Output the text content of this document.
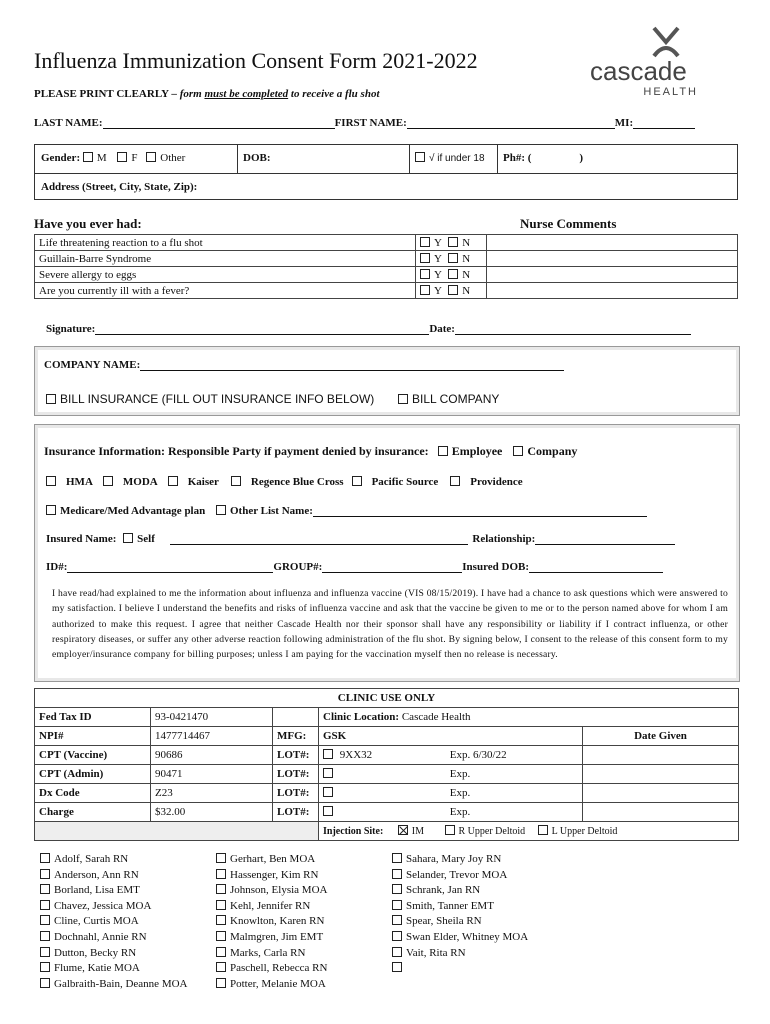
Influenza Immunization Consent Form 2021-2022
PLEASE PRINT CLEARLY – form must be completed to receive a flu shot
cascade
HEALTH
LAST NAME:	FIRST NAME:	MI:
Gender: M F Other	DOB:	√ if under 18 Ph#: (	)
Address (Street, City, State, Zip):
Have you ever had:	Nurse Comments
Life threatening reaction to a flu shot	Y N	
Guillain-Barre Syndrome	Y N	
Severe allergy to eggs	Y N	
Are you currently ill with a fever?	Y N	
Signature:	Date:
COMPANY NAME:
BILL INSURANCE (FILL OUT INSURANCE INFO BELOW)	BILL COMPANY
Insurance Information: Responsible Party if payment denied by insurance: Employee Company
HMA	MODA	Kaiser	Regence Blue Cross	Pacific Source	Providence
Medicare/Med Advantage plan Other List Name:
Insured Name: Self	Relationship:
ID#:	GROUP#:	Insured DOB:
I have read/had explained to me the information about influenza and influenza vaccine (VIS 08/15/2019). I have had a chance to ask questions which were answered to my satisfaction. I believe I understand the benefits and risks of influenza vaccine and ask that the vaccine be given to me or to the person named above for whom I am authorized to make this request. I agree that neither Cascade Health nor their sponsor shall have any responsibility or liability if I contract influenza, or other respiratory diseases, or suffer any other adverse reaction following administration of the flu shot. By signing below, I consent to the release of this consent form to my employer/insurance company for billing purposes; unless I am paying for the vaccination myself then no release is necessary.
CLINIC USE ONLY				
Fed Tax ID	93-0421470		Clinic Location: Cascade Health	
NPI#	1477714467	MFG:	GSK	Date Given
CPT (Vaccine)	90686	LOT#:	9XX32 Exp. 6/30/22	
CPT (Admin)	90471	LOT#:	Exp.	
Dx Code	Z23	LOT#:	Exp.	
Charge	$32.00	LOT#:	Exp.	
			Injection Site: IM R Upper Deltoid L Upper Deltoid	
Adolf, Sarah RN
Anderson, Ann RN
Borland, Lisa EMT
Chavez, Jessica MOA
Cline, Curtis MOA
Dochnahl, Annie RN
Dutton, Becky RN
Flume, Katie MOA
Galbraith-Bain, Deanne MOA
Gerhart, Ben MOA
Hassenger, Kim RN
Johnson, Elysia MOA
Kehl, Jennifer RN
Knowlton, Karen RN
Malmgren, Jim EMT
Marks, Carla RN
Paschell, Rebecca RN
Potter, Melanie MOA
Sahara, Mary Joy RN
Selander, Trevor MOA
Schrank, Jan RN
Smith, Tanner EMT
Spear, Sheila RN
Swan Elder, Whitney MOA
Vait, Rita RN
